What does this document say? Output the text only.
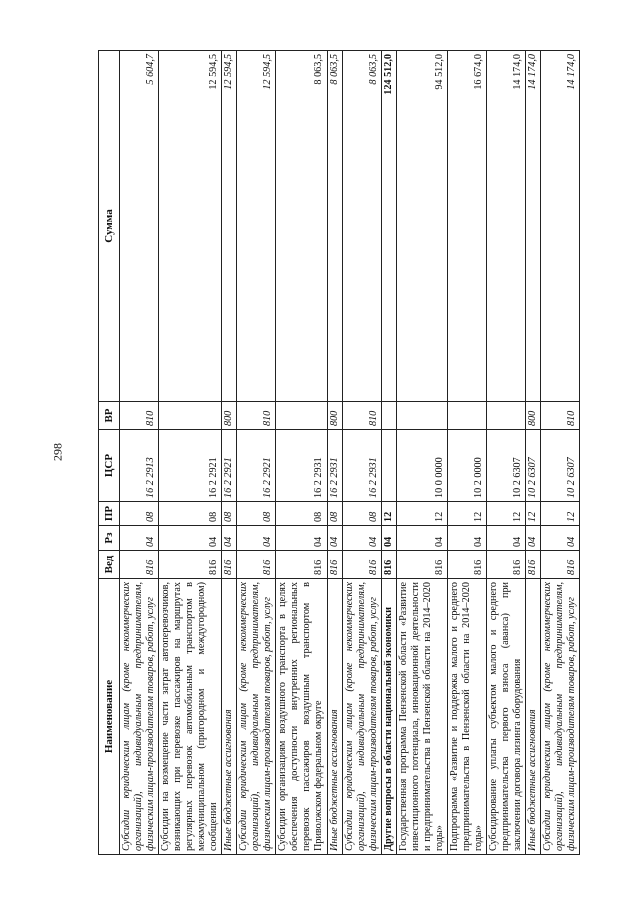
298
Наименование	Вед	Рз	ПР	ЦСР	ВР	Сумма
Субсидии юридическим лицам (кроме некоммерческих организаций), индивидуальным предпринимателям, физическим лицам-производителям товаров, работ, услуг	816	04	08	16 2 2913	810	5 604,7
Субсидии на возмещение части затрат автоперевозчиков, возникающих при перевозке пассажиров на маршрутах регулярных перевозок автомобильным транспортом в межмуниципальном (пригородном и междугородном) сообщении	816	04	08	16 2 2921		12 594,5
Иные бюджетные ассигнования	816	04	08	16 2 2921	800	12 594,5
Субсидии юридическим лицам (кроме некоммерческих организаций), индивидуальным предпринимателям, физическим лицам-производителям товаров, работ, услуг	816	04	08	16 2 2921	810	12 594,5
Субсидии организациям воздушного транспорта в целях обеспечения доступности внутренних региональных перевозок пассажиров воздушным транспортом в Приволжском федеральном округе	816	04	08	16 2 2931		8 063,5
Иные бюджетные ассигнования	816	04	08	16 2 2931	800	8 063,5
Субсидии юридическим лицам (кроме некоммерческих организаций), индивидуальным предпринимателям, физическим лицам-производителям товаров, работ, услуг	816	04	08	16 2 2931	810	8 063,5
Другие вопросы в области национальной экономики	816	04	12			124 512,0
Государственная программа Пензенской области «Развитие инвестиционного потенциала, инновационной деятельности и предпринимательства в Пензенской области на 2014–2020 годы»	816	04	12	10 0 0000		94 512,0
Подпрограмма «Развитие и поддержка малого и среднего предпринимательства в Пензенской области на 2014–2020 годы»	816	04	12	10 2 0000		16 674,0
Субсидирование уплаты субъектом малого и среднего предпринимательства первого взноса (аванса) при заключении договора лизинга оборудования	816	04	12	10 2 6307		14 174,0
Иные бюджетные ассигнования	816	04	12	10 2 6307	800	14 174,0
Субсидии юридическим лицам (кроме некоммерческих организаций), индивидуальным предпринимателям, физическим лицам-производителям товаров, работ, услуг	816	04	12	10 2 6307	810	14 174,0
